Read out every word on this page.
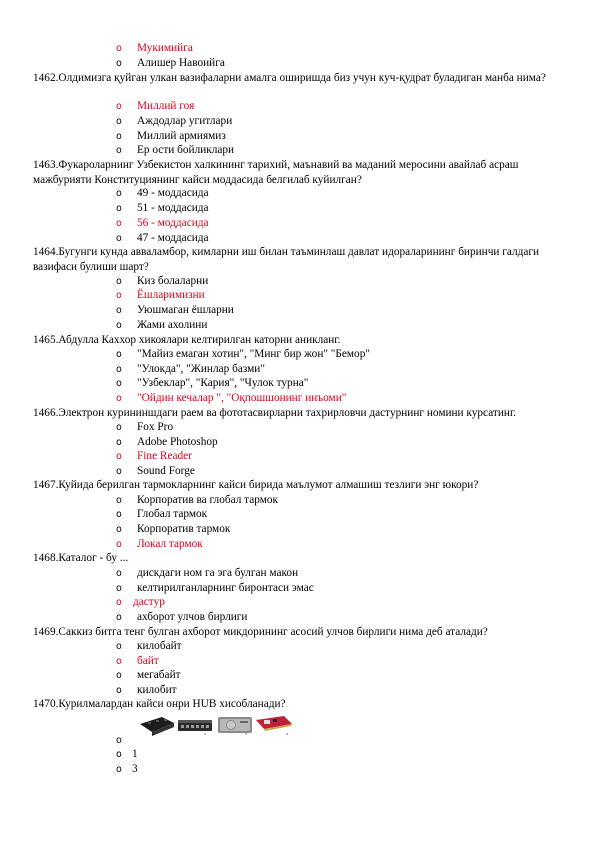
o Мукимийга
o Алишер Навоийга
1462.Олдимизга қуйган улкан вазифаларни амалга оширишда биз учун куч-қудрат буладиган манба нима?
o Миллий гоя
o Аждодлар угитлари
o Миллий армиямиз
o Ер ости бойликлари
1463.Фукароларнинг Узбекистон халкининг тарихий, маънавий ва маданий меросини авайлаб асраш мажбурияти Конституциянинг кайси моддасида белгилаб куйилган?
o 49 - моддасида
o 51 - моддасида
o 56 - моддасида
o 47 - моддасида
1464.Бугунги кунда авваламбор, кимларни иш билан таъминлаш давлат идораларининг биринчи галдаги вазифаси булиши шарт?
o Киз болаларни
o Ёшларимизни
o Уюшмаган ёшларни
o Жами ахолини
1465.Абдулла Каххор хикоялари келтирилган каторни аникланг.
o "Майиз емаган хотин", "Минг бир жон" "Бемор"
o "Улокда", "Жинлар базми"
o "Узбеклар", "Кария", "Чулок турна"
o "Ойдин кечалар ", "Оқпошшонинг инъоми"
1466.Электрон курининшдаги раем ва фототасвирларни тахрирловчи дастурнинг номини курсатинг.
o Fox Pro
o Adobe Photoshop
o Fine Reader
o Sound Forge
1467.Куйида берилган тармокларнинг кайси бирида маълумот алмашиш тезлиги энг юкори?
o Корпоратив ва глобал тармок
o Глобал тармок
o Корпоратив тармок
o Локал тармок
1468.Каталог - бу ...
o дискдаги ном га эга булган макон
o келтирилганларнинг биронтаси эмас
o дастур
o ахборот улчов бирлиги
1469.Саккиз битга тенг булган ахборот микдорининг асосий улчов бирлиги нима деб аталади?
o килобайт
o байт
o мегабайт
o килобит
1470.Курилмалардан кайси онри HUB хисобланади?
1	2	3	4
o
o 1
o 3
